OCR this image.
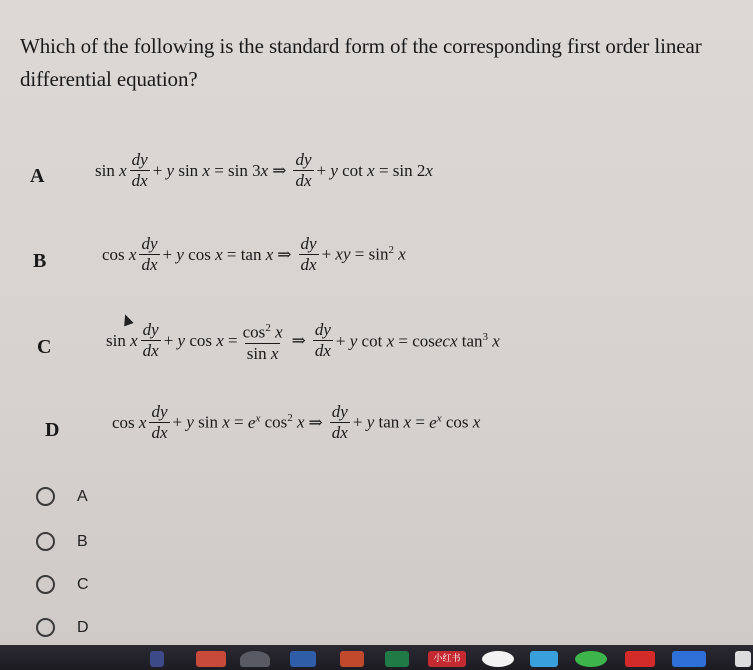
Which of the following is the standard form of the corresponding first order linear differential equation?
A	sin x $\frac{dy}{dx} + y$ sin x = sin 3x ⇒ $\frac{dy}{dx} + y$ cot x = sin 2x
B	cos x $\frac{dy}{dx} + y$ cos x = tan x ⇒ $\frac{dy}{dx}$ + xy = $\sin^2 x$
C	sin x $\frac{dy}{dx} + y$ $\cos x = \frac{\cos^2 x}{\text{sin x}}$ ⇒ $\frac{dy}{dx} + y$ cot x = cosecx $\tan^3 x$
D	cos x $\frac{dy}{dx} + y$ $\sin x = e^x$ $\cos^2 x$ ⇒ $\frac{dy}{dx} + y$ $\tan x = e^x$ cos x
A
B
C
D
小红书
